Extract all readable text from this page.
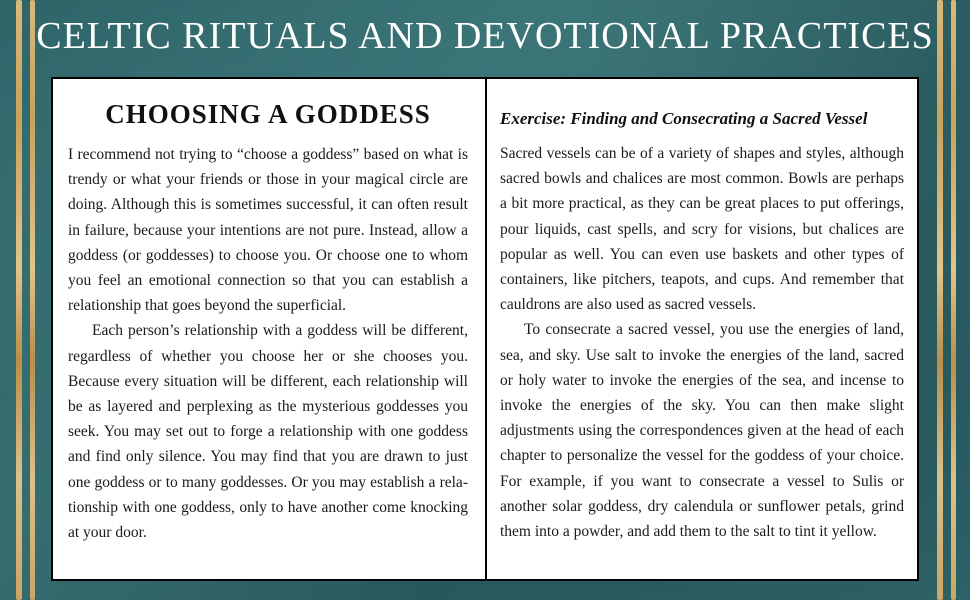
CELTIC RITUALS AND DEVOTIONAL PRACTICES
CHOOSING A GODDESS

I recommend not trying to “choose a goddess” based on what is trendy or what your friends or those in your magical circle are doing. Although this is sometimes successful, it can often result in failure, because your intentions are not pure. Instead, allow a goddess (or goddesses) to choose you. Or choose one to whom you feel an emotional connection so that you can establish a relationship that goes beyond the superficial.

Each person’s relationship with a goddess will be different, regardless of whether you choose her or she chooses you. Because every situation will be different, each relationship will be as layered and perplexing as the mysterious goddesses you seek. You may set out to forge a relationship with one goddess and find only silence. You may find that you are drawn to just one goddess or to many goddesses. Or you may establish a relationship with one goddess, only to have another come knocking at your door.

Exercise: Finding and Consecrating a Sacred Vessel

Sacred vessels can be of a variety of shapes and styles, although sacred bowls and chalices are most common. Bowls are perhaps a bit more practical, as they can be great places to put offerings, pour liquids, cast spells, and scry for visions, but chalices are popular as well. You can even use baskets and other types of containers, like pitchers, teapots, and cups. And remember that cauldrons are also used as sacred vessels.

To consecrate a sacred vessel, you use the energies of land, sea, and sky. Use salt to invoke the energies of the land, sacred or holy water to invoke the energies of the sea, and incense to invoke the energies of the sky. You can then make slight adjustments using the correspondences given at the head of each chapter to personalize the vessel for the goddess of your choice. For example, if you want to consecrate a vessel to Sulis or another solar goddess, dry calendula or sunflower petals, grind them into a powder, and add them to the salt to tint it yellow.
